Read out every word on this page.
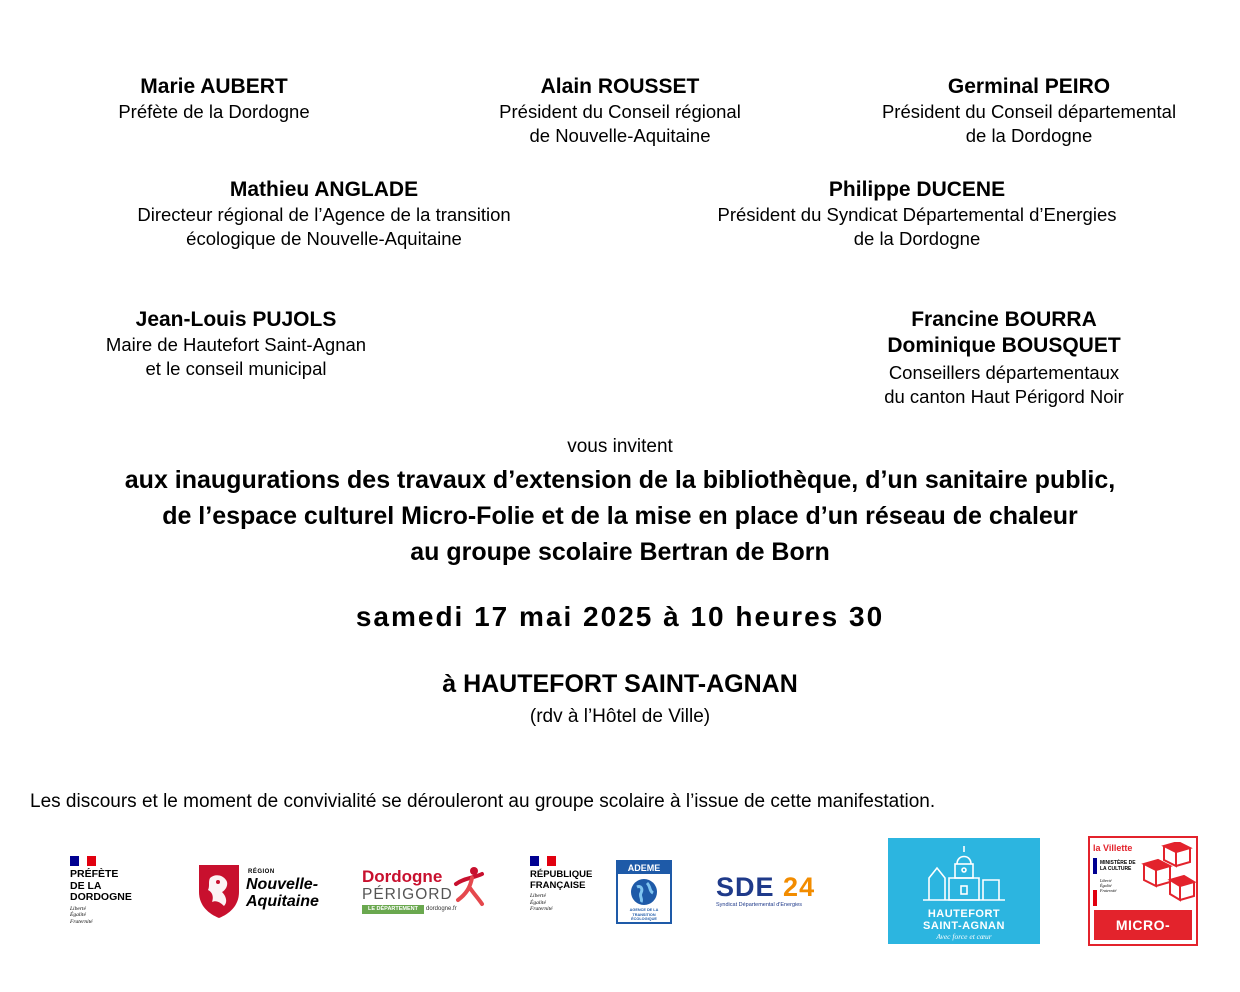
Marie AUBERT
Préfète de la Dordogne
Alain ROUSSET
Président du Conseil régional
de Nouvelle-Aquitaine
Germinal PEIRO
Président du Conseil départemental
de la Dordogne
Mathieu ANGLADE
Directeur régional de l’Agence de la transition
écologique de Nouvelle-Aquitaine
Philippe DUCENE
Président du Syndicat Départemental d’Energies
de la Dordogne
Jean-Louis PUJOLS
Maire de Hautefort Saint-Agnan
et le conseil municipal
Francine BOURRA
Dominique BOUSQUET
Conseillers départementaux
du canton Haut Périgord Noir
vous invitent
aux inaugurations des travaux d’extension de la bibliothèque, d’un sanitaire public,
de l’espace culturel Micro-Folie et de la mise en place d’un réseau de chaleur
au groupe scolaire Bertran de Born
samedi 17 mai 2025 à 10 heures 30
à HAUTEFORT SAINT-AGNAN
(rdv à l’Hôtel de Ville)
Les discours et le moment de convivialité se dérouleront au groupe scolaire à l’issue de cette manifestation.
PRÉFÈTE
DE LA
DORDOGNE
Liberté
Égalité
Fraternité
RÉGION
Nouvelle-
Aquitaine
Dordogne
PÉRIGORD
LE DÉPARTEMENT	dordogne.fr
RÉPUBLIQUE
FRANÇAISE
Liberté
Égalité
Fraternité
ADEME
AGENCE DE LA TRANSITION ÉCOLOGIQUE
SDE 24
Syndicat Départemental d'Energies
HAUTEFORT
SAINT-AGNAN
Avec force et cœur
la Villette
MINISTÈRE DE LA CULTURE
Liberté
Égalité
Fraternité
MICRO-FOLIE
